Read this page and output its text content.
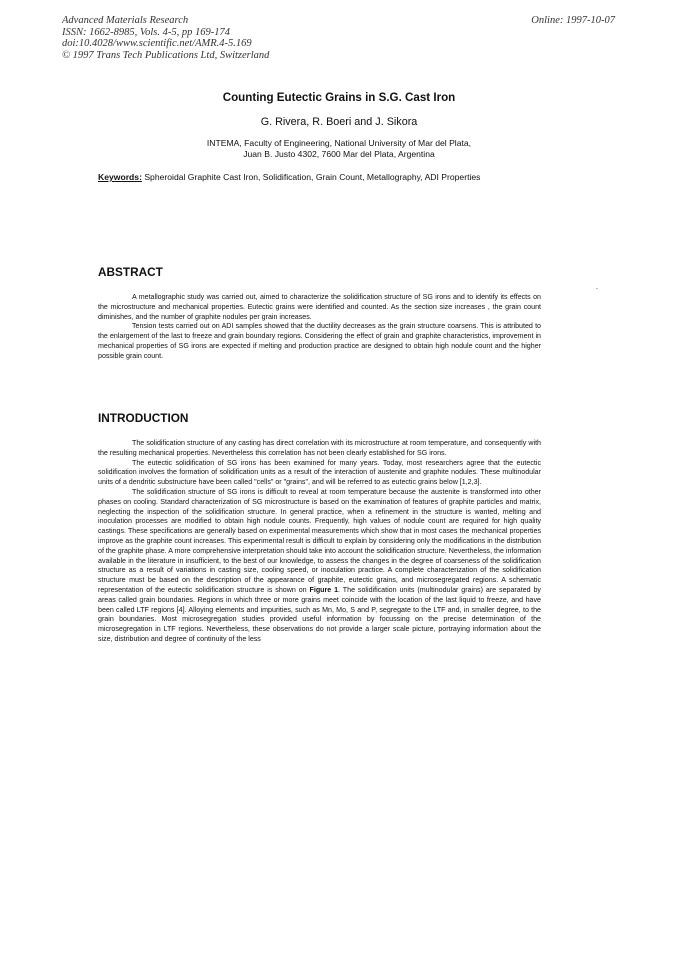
Advanced Materials Research
ISSN: 1662-8985, Vols. 4-5, pp 169-174
doi:10.4028/www.scientific.net/AMR.4-5.169
© 1997 Trans Tech Publications Ltd, Switzerland
Online: 1997-10-07
Counting Eutectic Grains in S.G. Cast Iron
G. Rivera, R. Boeri and J. Sikora
INTEMA, Faculty of Engineering, National University of Mar del Plata,
Juan B. Justo 4302, 7600 Mar del Plata, Argentina
Keywords: Spheroidal Graphite Cast Iron, Solidification, Grain Count, Metallography, ADI Properties
ABSTRACT

A metallographic study was carried out, aimed to characterize the solidification structure of SG irons and to identify its effects on the microstructure and mechanical properties. Eutectic grains were identified and counted. As the section size increases , the grain count diminishes, and the number of graphite nodules per grain increases.

Tension tests carried out on ADI samples showed that the ductility decreases as the grain structure coarsens. This is attributed to the enlargement of the last to freeze and grain boundary regions. Considering the effect of grain and graphite characteristics, improvement in mechanical properties of SG irons are expected if melting and production practice are designed to obtain high nodule count and the higher possible grain count.

INTRODUCTION

The solidification structure of any casting has direct correlation with its microstructure at room temperature, and consequently with the resulting mechanical properties. Nevertheless this correlation has not been clearly established for SG irons.

The eutectic solidification of SG irons has been examined for many years. Today, most researchers agree that the eutectic solidification involves the formation of solidification units as a result of the interaction of austenite and graphite nodules. These multinodular units of a dendritic substructure have been called "cells" or "grains", and will be referred to as eutectic grains below [1,2,3].

The solidification structure of SG irons is difficult to reveal at room temperature because the austenite is transformed into other phases on cooling. Standard characterization of SG microstructure is based on the examination of features of graphite particles and matrix, neglecting the inspection of the solidification structure. In general practice, when a refinement in the structure is wanted, melting and inoculation processes are modified to obtain high nodule counts. Frequently, high values of nodule count are required for high quality castings. These specifications are generally based on experimental measurements which show that in most cases the mechanical properties improve as the graphite count increases. This experimental result is difficult to explain by considering only the modifications in the distribution of the graphite phase. A more comprehensive interpretation should take into account the solidification structure. Nevertheless, the information available in the literature in insufficient, to the best of our knowledge, to assess the changes in the degree of coarseness of the solidification structure as a result of variations in casting size, cooling speed, or inoculation practice. A complete characterization of the solidification structure must be based on the description of the appearance of graphite, eutectic grains, and microsegregated regions. A schematic representation of the eutectic solidification structure is shown on Figure 1. The solidification units (multinodular grains) are separated by areas called grain boundaries. Regions in which three or more grains meet coincide with the location of the last liquid to freeze, and have been called LTF regions [4]. Alloying elements and impurities, such as Mn, Mo, S and P, segregate to the LTF and, in smaller degree, to the grain boundaries. Most microsegregation studies provided useful information by focussing on the precise determination of the microsegregation in LTF regions. Nevertheless, these observations do not provide a larger scale picture, portraying information about the size, distribution and degree of continuity of the less
